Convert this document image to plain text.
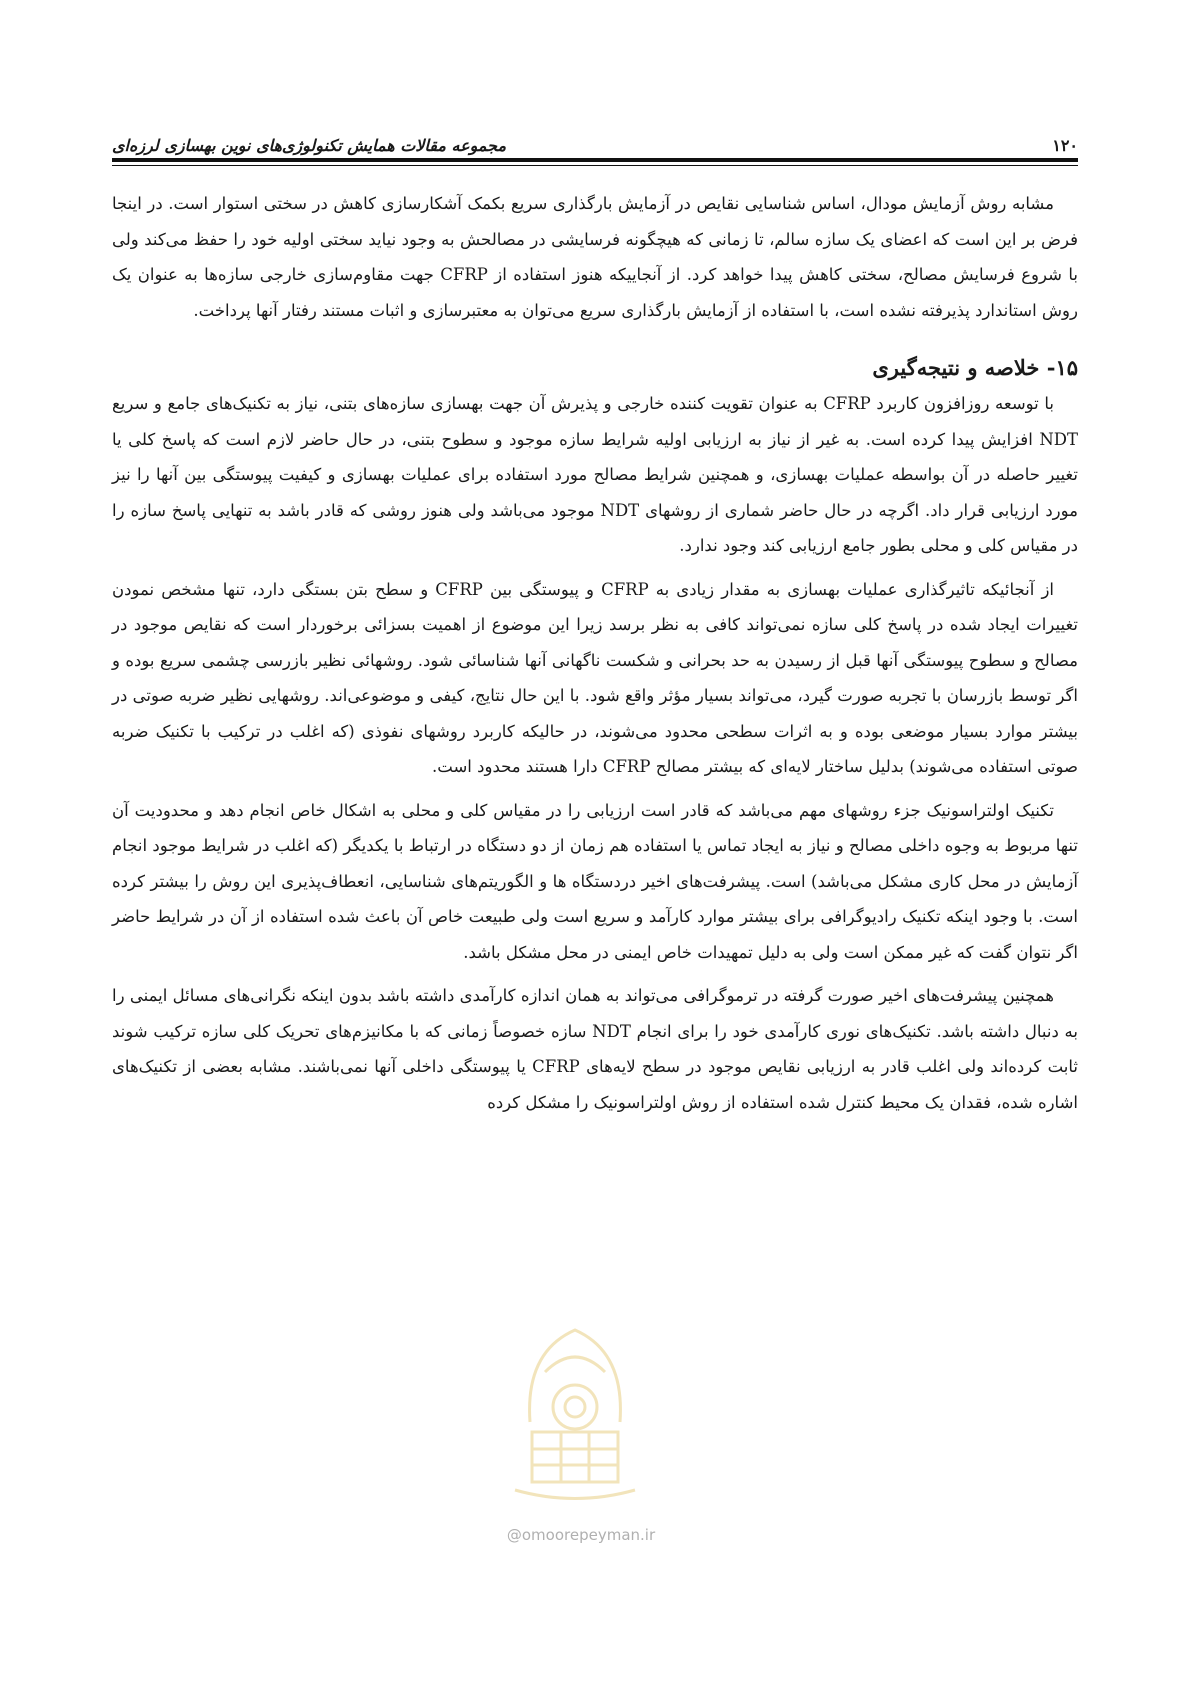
۱۲۰
مجموعه مقالات همایش تکنولوژی‌های نوین بهسازی لرزه‌ای

مشابه روش آزمایش مودال، اساس شناسایی نقایص در آزمایش بارگذاری سریع بکمک آشکارسازی کاهش در سختی استوار است. در اینجا فرض بر این است که اعضای یک سازه سالم، تا زمانی که هیچگونه فرسایشی در مصالحش به وجود نیاید سختی اولیه خود را حفظ می‌کند ولی با شروع فرسایش مصالح، سختی کاهش پیدا خواهد کرد. از آنجاییکه هنوز استفاده از CFRP جهت مقاوم‌سازی خارجی سازه‌ها به عنوان یک روش استاندارد پذیرفته نشده است، با استفاده از آزمایش بارگذاری سریع می‌توان به معتبرسازی و اثبات مستند رفتار آنها پرداخت.

۱۵- خلاصه و نتیجه‌گیری

با توسعه روزافزون کاربرد CFRP به عنوان تقویت کننده خارجی و پذیرش آن جهت بهسازی سازه‌های بتنی، نیاز به تکنیک‌های جامع و سریع NDT افزایش پیدا کرده است. به غیر از نیاز به ارزیابی اولیه شرایط سازه موجود و سطوح بتنی، در حال حاضر لازم است که پاسخ کلی یا تغییر حاصله در آن بواسطه عملیات بهسازی، و همچنین شرایط مصالح مورد استفاده برای عملیات بهسازی و کیفیت پیوستگی بین آنها را نیز مورد ارزیابی قرار داد. اگرچه در حال حاضر شماری از روشهای NDT موجود می‌باشد ولی هنوز روشی که قادر باشد به تنهایی پاسخ سازه را در مقیاس کلی و محلی بطور جامع ارزیابی کند وجود ندارد.

از آنجائیکه تاثیرگذاری عملیات بهسازی به مقدار زیادی به CFRP و پیوستگی بین CFRP و سطح بتن بستگی دارد، تنها مشخص نمودن تغییرات ایجاد شده در پاسخ کلی سازه نمی‌تواند کافی به نظر برسد زیرا این موضوع از اهمیت بسزائی برخوردار است که نقایص موجود در مصالح و سطوح پیوستگی آنها قبل از رسیدن به حد بحرانی و شکست ناگهانی آنها شناسائی شود. روشهائی نظیر بازرسی چشمی سریع بوده و اگر توسط بازرسان با تجربه صورت گیرد، می‌تواند بسیار مؤثر واقع شود. با این حال نتایج، کیفی و موضوعی‌اند. روشهایی نظیر ضربه صوتی در بیشتر موارد بسیار موضعی بوده و به اثرات سطحی محدود می‌شوند، در حالیکه کاربرد روشهای نفوذی (که اغلب در ترکیب با تکنیک ضربه صوتی استفاده می‌شوند) بدلیل ساختار لایه‌ای که بیشتر مصالح CFRP دارا هستند محدود است.

تکنیک اولتراسونیک جزء روشهای مهم می‌باشد که قادر است ارزیابی را در مقیاس کلی و محلی به اشکال خاص انجام دهد و محدودیت آن تنها مربوط به وجوه داخلی مصالح و نیاز به ایجاد تماس یا استفاده هم زمان از دو دستگاه در ارتباط با یکدیگر (که اغلب در شرایط موجود انجام آزمایش در محل کاری مشکل می‌باشد) است. پیشرفت‌های اخیر دردستگاه ها و الگوریتم‌های شناسایی، انعطاف‌پذیری این روش را بیشتر کرده است. با وجود اینکه تکنیک رادیوگرافی برای بیشتر موارد کارآمد و سریع است ولی طبیعت خاص آن باعث شده استفاده از آن در شرایط حاضر اگر نتوان گفت که غیر ممکن است ولی به دلیل تمهیدات خاص ایمنی در محل مشکل باشد.

همچنین پیشرفت‌های اخیر صورت گرفته در ترموگرافی می‌تواند به همان اندازه کارآمدی داشته باشد بدون اینکه نگرانی‌های مسائل ایمنی را به دنبال داشته باشد. تکنیک‌های نوری کارآمدی خود را برای انجام NDT سازه خصوصاً زمانی که با مکانیزم‌های تحریک کلی سازه ترکیب شوند ثابت کرده‌اند ولی اغلب قادر به ارزیابی نقایص موجود در سطح لایه‌های CFRP یا پیوستگی داخلی آنها نمی‌باشند. مشابه بعضی از تکنیک‌های اشاره شده، فقدان یک محیط کنترل شده استفاده از روش اولتراسونیک را مشکل کرده

@omoorepeyman.ir
